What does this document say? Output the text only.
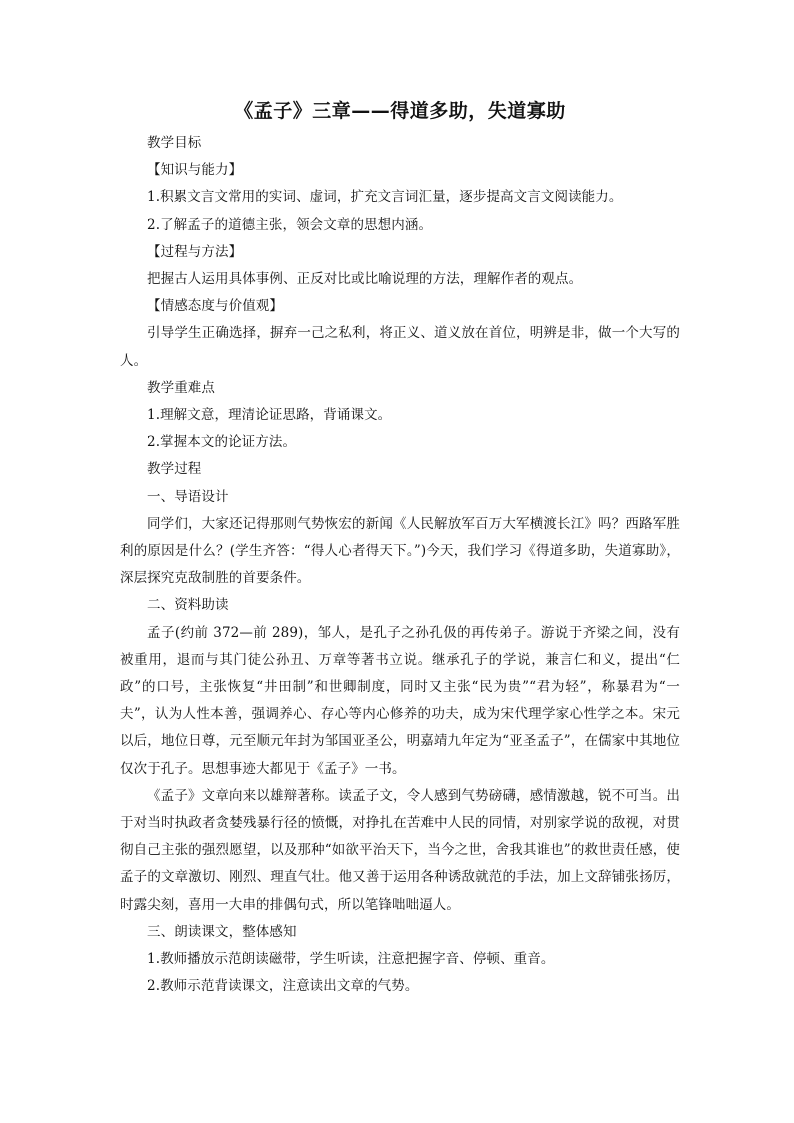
《孟子》三章——得道多助，失道寡助

教学目标

【知识与能力】

1.积累文言文常用的实词、虚词，扩充文言词汇量，逐步提高文言文阅读能力。

2.了解孟子的道德主张，领会文章的思想内涵。

【过程与方法】

把握古人运用具体事例、正反对比或比喻说理的方法，理解作者的观点。

【情感态度与价值观】

引导学生正确选择，摒弃一己之私利，将正义、道义放在首位，明辨是非，做一个大写的人。

教学重难点

1.理解文意，理清论证思路，背诵课文。

2.掌握本文的论证方法。

教学过程

一、导语设计

同学们，大家还记得那则气势恢宏的新闻《人民解放军百万大军横渡长江》吗？西路军胜利的原因是什么？(学生齐答：“得人心者得天下。”)今天，我们学习《得道多助，失道寡助》，深层探究克敌制胜的首要条件。

二、资料助读

孟子(约前 372—前 289)，邹人，是孔子之孙孔伋的再传弟子。游说于齐梁之间，没有被重用，退而与其门徒公孙丑、万章等著书立说。继承孔子的学说，兼言仁和义，提出“仁政”的口号，主张恢复“井田制”和世卿制度，同时又主张“民为贵”“君为轻”，称暴君为“一夫”，认为人性本善，强调养心、存心等内心修养的功夫，成为宋代理学家心性学之本。宋元以后，地位日尊，元至顺元年封为邹国亚圣公，明嘉靖九年定为“亚圣孟子”，在儒家中其地位仅次于孔子。思想事迹大都见于《孟子》一书。

《孟子》文章向来以雄辩著称。读孟子文，令人感到气势磅礴，感情激越，锐不可当。出于对当时执政者贪婪残暴行径的愤慨，对挣扎在苦难中人民的同情，对别家学说的敌视，对贯彻自己主张的强烈愿望，以及那种“如欲平治天下，当今之世，舍我其谁也”的救世责任感，使孟子的文章激切、刚烈、理直气壮。他又善于运用各种诱敌就范的手法，加上文辞铺张扬厉，时露尖刻，喜用一大串的排偶句式，所以笔锋咄咄逼人。

三、朗读课文，整体感知

1.教师播放示范朗读磁带，学生听读，注意把握字音、停顿、重音。

2.教师示范背读课文，注意读出文章的气势。
